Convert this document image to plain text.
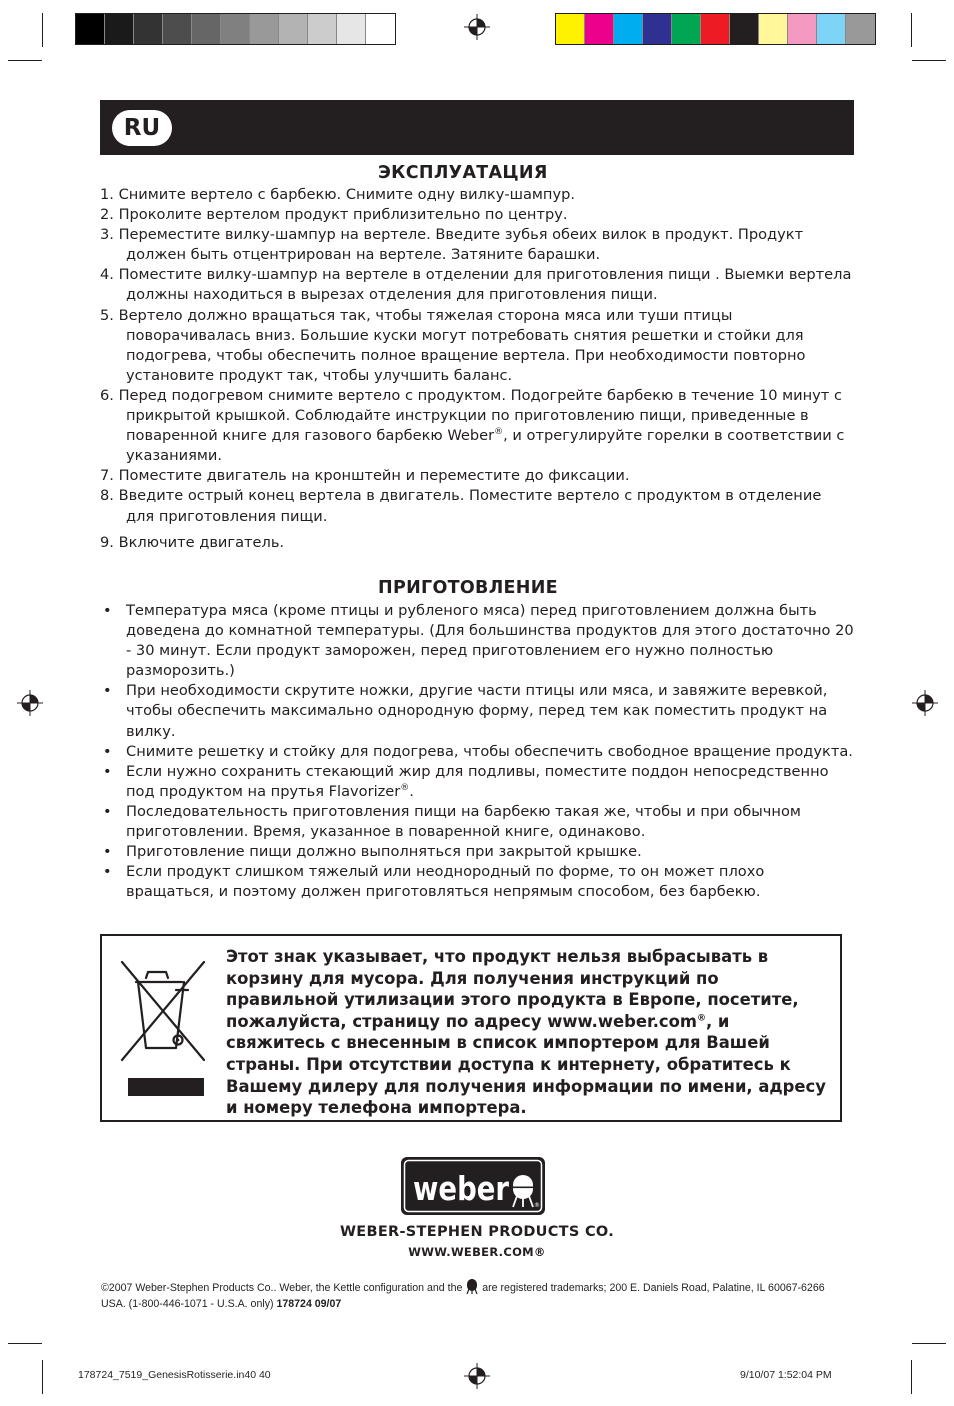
RU
ЭКСПЛУАТАЦИЯ
1. Снимите вертело с барбекю. Снимите одну вилку-шампур.
2. Проколите вертелом продукт приблизительно по центру.
3. Переместите вилку-шампур на вертеле. Введите зубья обеих вилок в продукт. Продукт должен быть отцентрирован на вертеле. Затяните барашки.
4. Поместите вилку-шампур на вертеле в отделении для приготовления пищи . Выемки вертела должны находиться в вырезах отделения для приготовления пищи.
5. Вертело должно вращаться так, чтобы тяжелая сторона мяса или туши птицы поворачивалась вниз. Большие куски могут потребовать снятия решетки и стойки для подогрева, чтобы обеспечить полное вращение вертела. При необходимости повторно установите продукт так, чтобы улучшить баланс.
6. Перед подогревом снимите вертело с продуктом. Подогрейте барбекю в течение 10 минут с прикрытой крышкой. Соблюдайте инструкции по приготовлению пищи, приведенные в поваренной книге для газового барбекю Weber®, и отрегулируйте горелки в соответствии с указаниями.
7. Поместите двигатель на кронштейн и переместите до фиксации.
8. Введите острый конец вертела в двигатель. Поместите вертело с продуктом в отделение для приготовления пищи.
9. Включите двигатель.
ПРИГОТОВЛЕНИЕ
• Температура мяса (кроме птицы и рубленого мяса) перед приготовлением должна быть доведена до комнатной температуры. (Для большинства продуктов для этого достаточно 20 - 30 минут. Если продукт заморожен, перед приготовлением его нужно полностью разморозить.)
• При необходимости скрутите ножки, другие части птицы или мяса, и завяжите веревкой, чтобы обеспечить максимально однородную форму, перед тем как поместить продукт на вилку.
• Снимите решетку и стойку для подогрева, чтобы обеспечить свободное вращение продукта.
• Если нужно сохранить стекающий жир для подливы, поместите поддон непосредственно под продуктом на прутья Flavorizer®.
• Последовательность приготовления пищи на барбекю такая же, чтобы и при обычном приготовлении. Время, указанное в поваренной книге, одинаково.
• Приготовление пищи должно выполняться при закрытой крышке.
• Если продукт слишком тяжелый или неоднородный по форме, то он может плохо вращаться, и поэтому должен приготовляться непрямым способом, без барбекю.

Этот знак указывает, что продукт нельзя выбрасывать в корзину для мусора. Для получения инструкций по правильной утилизации этого продукта в Европе, посетите, пожалуйста, страницу по адресу www.weber.com®, и свяжитесь с внесенным в список импортером для Вашей страны. При отсутствии доступа к интернету, обратитесь к Вашему дилеру для получения информации по имени, адресу и номеру телефона импортера.

weber	®
WEBER-STEPHEN PRODUCTS CO.
WWW.WEBER.COM®

©2007 Weber-Stephen Products Co.. Weber, the Kettle configuration and the are registered trademarks; 200 E. Daniels Road, Palatine, IL 60067-6266 USA. (1-800-446-1071 - U.S.A. only) 178724 09/07

178724_7519_GenesisRotisserie.in40 40	9/10/07 1:52:04 PM
